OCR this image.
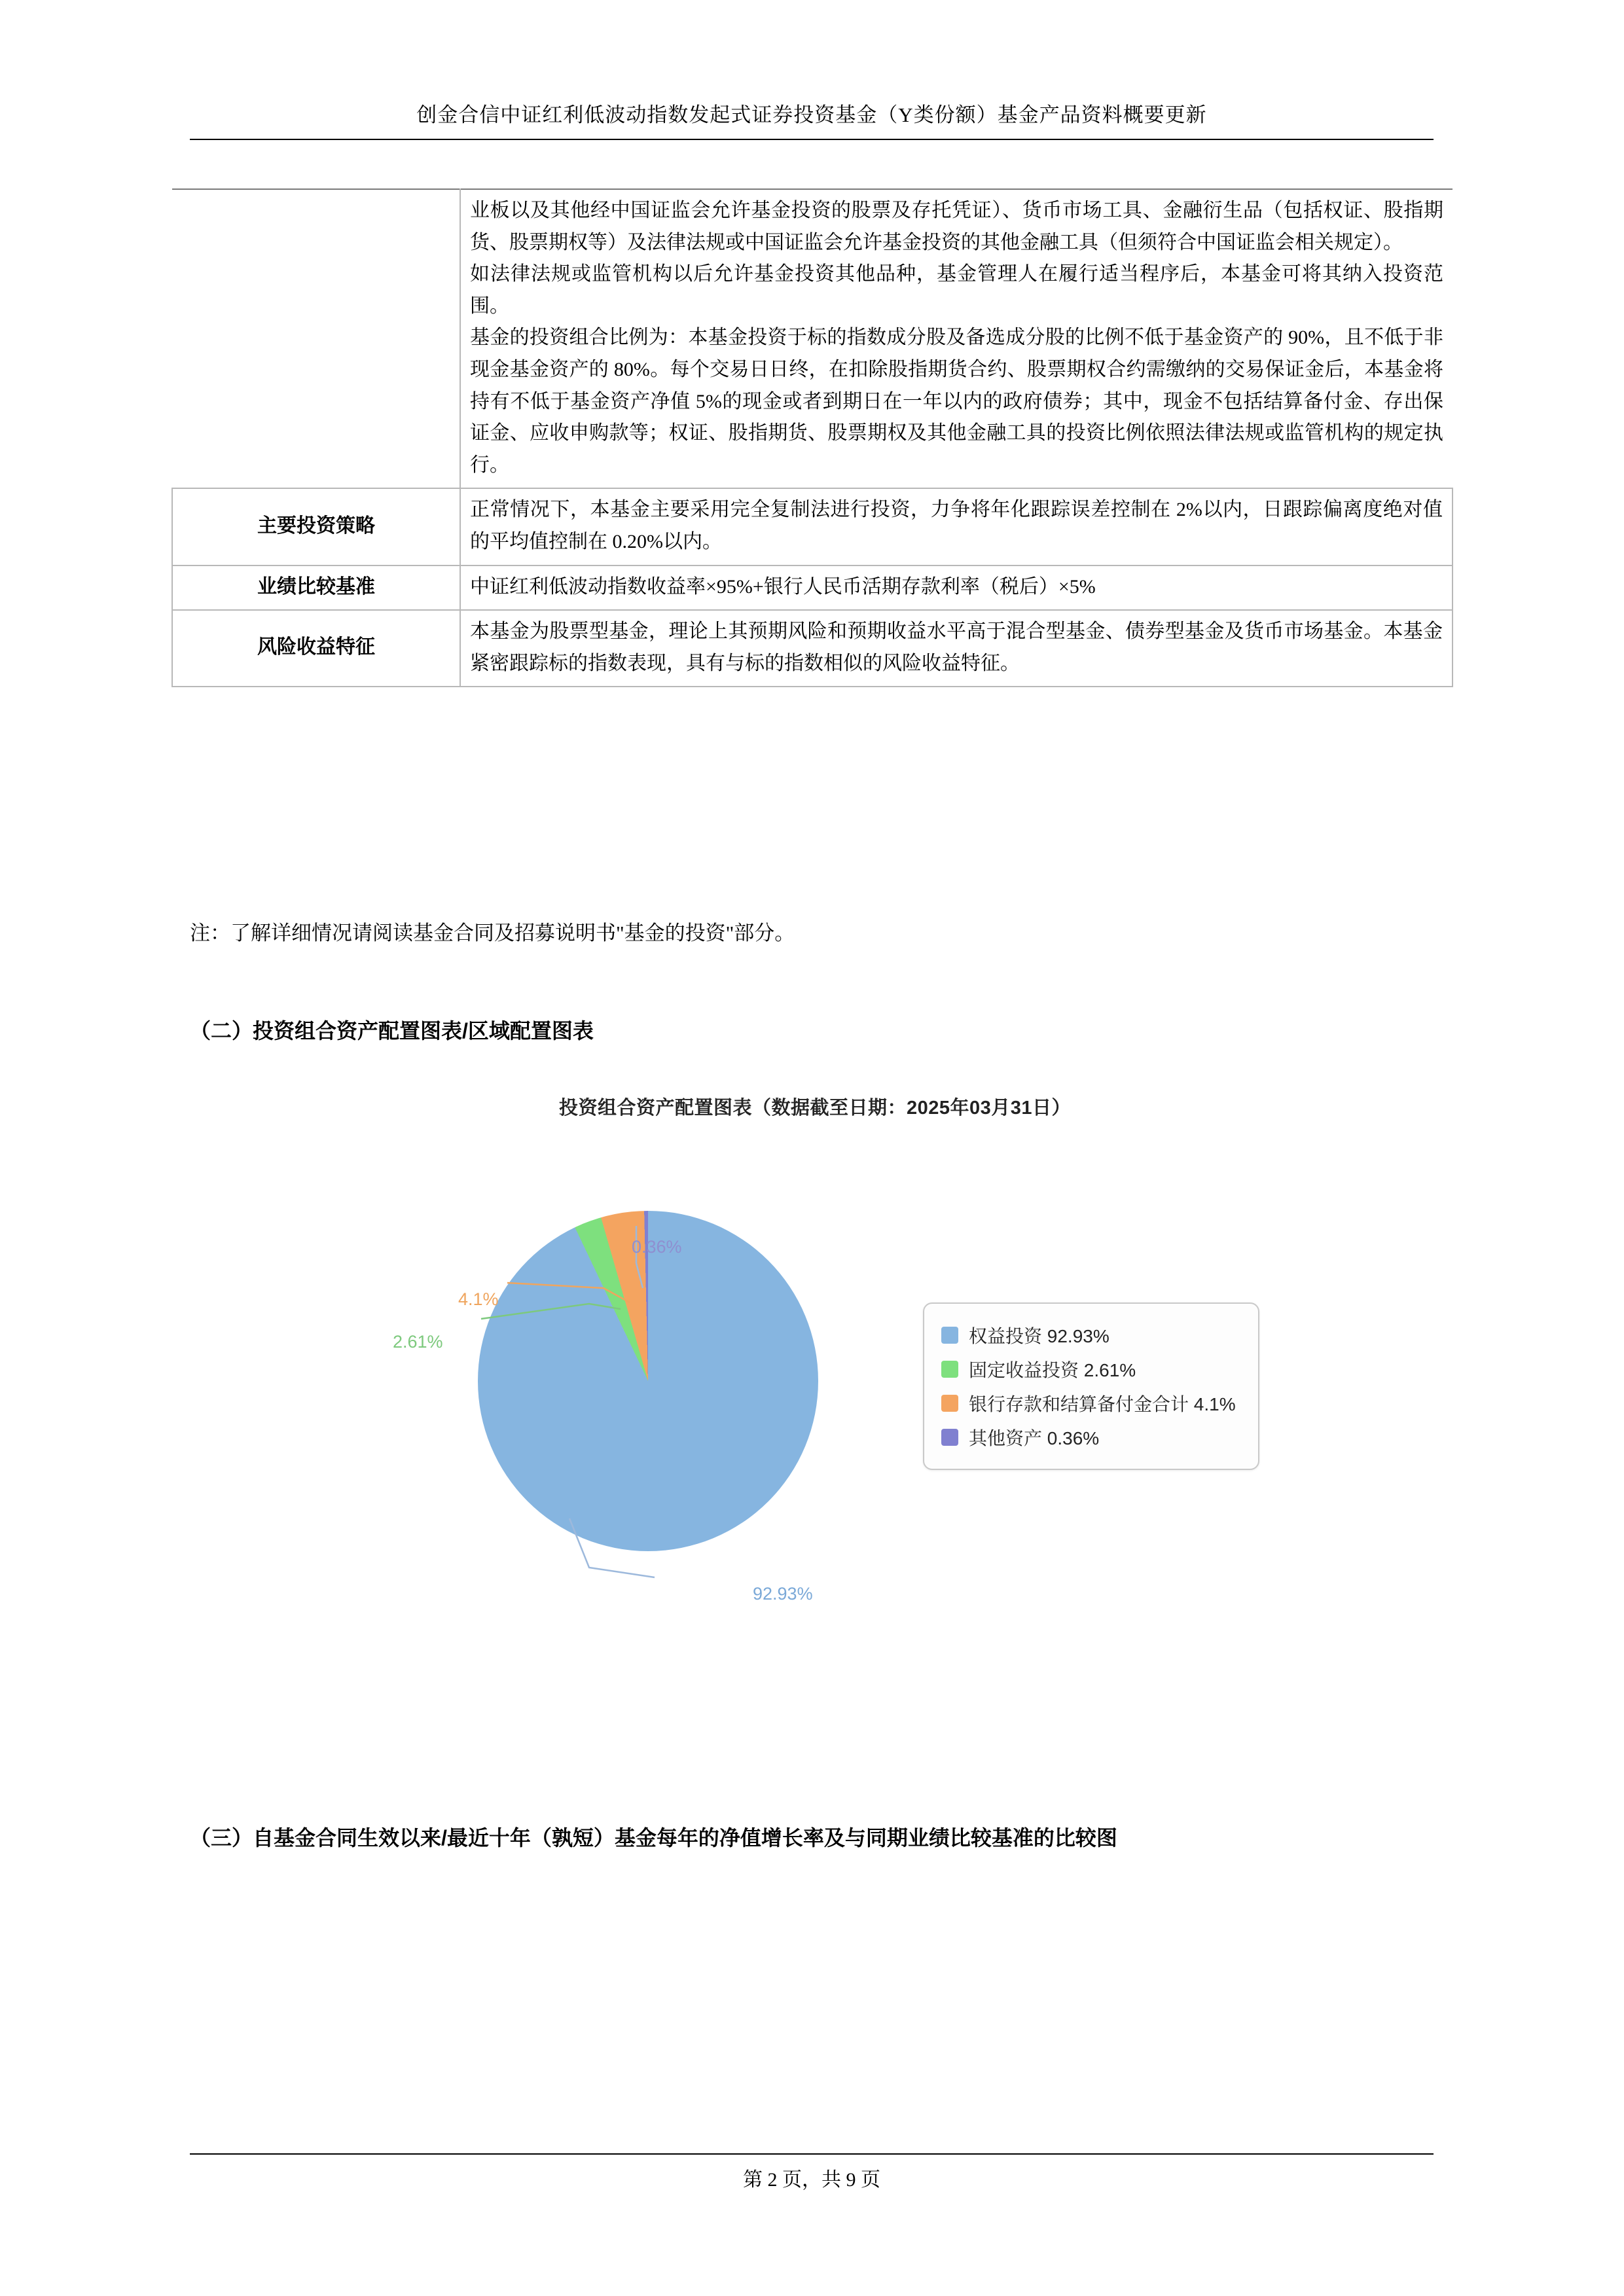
创金合信中证红利低波动指数发起式证券投资基金（Y类份额）基金产品资料概要更新

	业板以及其他经中国证监会允许基金投资的股票及存托凭证）、货币市场工具、金融衍生品（包括权证、股指期货、股票期权等）及法律法规或中国证监会允许基金投资的其他金融工具（但须符合中国证监会相关规定）。

如法律法规或监管机构以后允许基金投资其他品种，基金管理人在履行适当程序后，本基金可将其纳入投资范围。

基金的投资组合比例为：本基金投资于标的指数成分股及备选成分股的比例不低于基金资产的 90%，且不低于非现金基金资产的 80%。每个交易日日终，在扣除股指期货合约、股票期权合约需缴纳的交易保证金后，本基金将持有不低于基金资产净值 5%的现金或者到期日在一年以内的政府债券；其中，现金不包括结算备付金、存出保证金、应收申购款等；权证、股指期货、股票期权及其他金融工具的投资比例依照法律法规或监管机构的规定执行。

主要投资策略	正常情况下，本基金主要采用完全复制法进行投资，力争将年化跟踪误差控制在 2%以内，日跟踪偏离度绝对值的平均值控制在 0.20%以内。

业绩比较基准	中证红利低波动指数收益率×95%+银行人民币活期存款利率（税后）×5%

风险收益特征	本基金为股票型基金，理论上其预期风险和预期收益水平高于混合型基金、债券型基金及货币市场基金。本基金紧密跟踪标的指数表现，具有与标的指数相似的风险收益特征。

注：了解详细情况请阅读基金合同及招募说明书"基金的投资"部分。
（二）投资组合资产配置图表/区域配置图表
投资组合资产配置图表（数据截至日期：2025年03月31日）
92.93%
2.61%
4.1%
0.36%
权益投资 92.93%
固定收益投资 2.61%
银行存款和结算备付金合计 4.1%
其他资产 0.36%
（三）自基金合同生效以来/最近十年（孰短）基金每年的净值增长率及与同期业绩比较基准的比较图
第 2 页，共 9 页
